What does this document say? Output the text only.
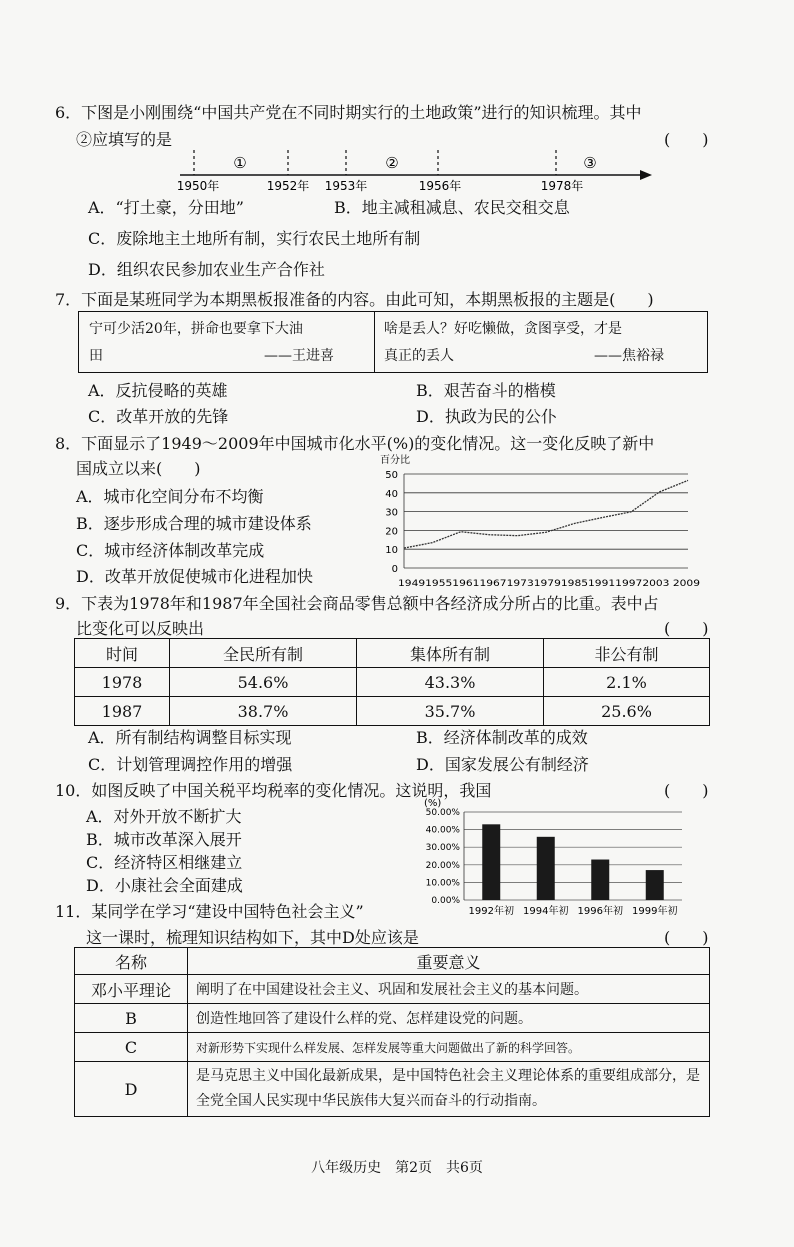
6．下图是小刚围绕“中国共产党在不同时期实行的土地政策”进行的知识梳理。其中
②应填写的是	(　　)
①	②	③
1950年	1952年 1953年	1956年	1978年
A．“打土豪，分田地”	B．地主减租减息、农民交租交息
C．废除地主土地所有制，实行农民土地所有制
D．组织农民参加农业生产合作社
7．下面是某班同学为本期黑板报准备的内容。由此可知，本期黑板报的主题是(　　)
宁可少活20年，拼命也要拿下大油
田	——王进喜
啥是丢人？好吃懒做，贪图享受，才是
真正的丢人	——焦裕禄
A．反抗侵略的英雄	B．艰苦奋斗的楷模
C．改革开放的先锋	D．执政为民的公仆
8．下面显示了1949～2009年中国城市化水平(%)的变化情况。这一变化反映了新中
国成立以来(　　)
A．城市化空间分布不均衡
B．逐步形成合理的城市建设体系
C．城市经济体制改革完成
D．改革开放促使城市化进程加快
百分比
50
40
30
20
10
0
1949195519611967197319791985199119972003 2009
9．下表为1978年和1987年全国社会商品零售总额中各经济成分所占的比重。表中占
比变化可以反映出	(　　)
时间	全民所有制	集体所有制	非公有制
1978	54.6%	43.3%	2.1%
1987	38.7%	35.7%	25.6%
A．所有制结构调整目标实现	B．经济体制改革的成效
C．计划管理调控作用的增强	D．国家发展公有制经济
10．如图反映了中国关税平均税率的变化情况。这说明，我国	(　　)
A．对外开放不断扩大
B．城市改革深入展开
C．经济特区相继建立
D．小康社会全面建成
(%)
50.00%
40.00%
30.00%
20.00%
10.00%
0.00%
1992年初 1994年初 1996年初 1999年初
11．某同学在学习“建设中国特色社会主义”
这一课时，梳理知识结构如下，其中D处应该是	(　　)
名称	重要意义
邓小平理论	阐明了在中国建设社会主义、巩固和发展社会主义的基本问题。
B	创造性地回答了建设什么样的党、怎样建设党的问题。
C	对新形势下实现什么样发展、怎样发展等重大问题做出了新的科学回答。
D	是马克思主义中国化最新成果，是中国特色社会主义理论体系的重要组成部分，是全党全国人民实现中华民族伟大复兴而奋斗的行动指南。
八年级历史　第2页　共6页
